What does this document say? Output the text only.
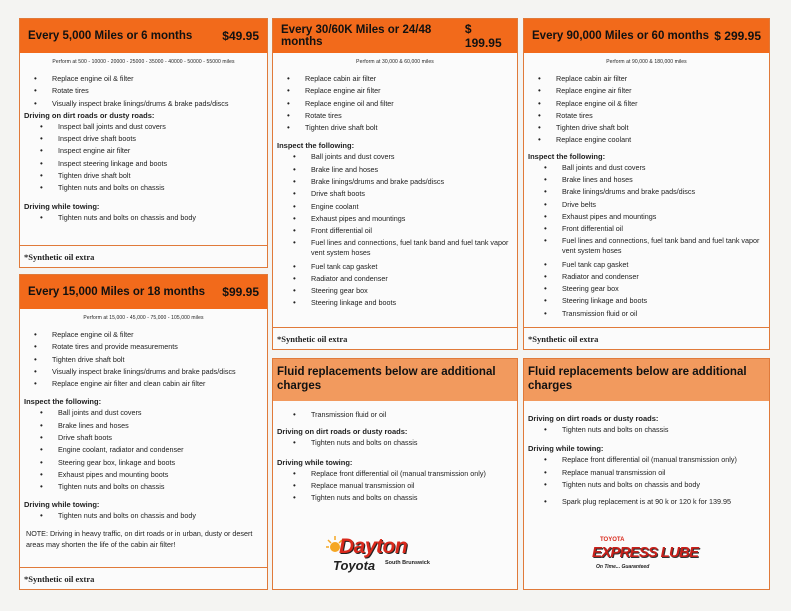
Every 5,000 Miles or 6 months	$49.95
Perform at 500 - 10000 - 20000 - 25000 - 35000 - 40000 - 50000 - 55000 miles
• Replace engine oil & filter
• Rotate tires
• Visually inspect brake linings/drums & brake pads/discs
Driving on dirt roads or dusty roads:
• Inspect ball joints and dust covers
• Inspect drive shaft boots
• Inspect engine air filter
• Inspect steering linkage and boots
• Tighten drive shaft bolt
• Tighten nuts and bolts on chassis
Driving while towing:
• Tighten nuts and bolts on chassis and body
*Synthetic oil extra
Every 15,000 Miles or 18 months $99.95
Perform at 15,000 - 45,000 - 75,000 - 105,000 miles
• Replace engine oil & filter
• Rotate tires and provide measurements
• Tighten drive shaft bolt
• Visually inspect brake linings/drums and brake pads/discs
• Replace engine air filter and clean cabin air filter
Inspect the following:
• Ball joints and dust covers
• Brake lines and hoses
• Drive shaft boots
• Engine coolant, radiator and condenser
• Steering gear box, linkage and boots
• Exhaust pipes and mounting boots
• Tighten nuts and bolts on chassis
Driving while towing:
• Tighten nuts and bolts on chassis and body
NOTE: Driving in heavy traffic, on dirt roads or in urban, dusty or desert areas may shorten the life of the cabin air filter!
*Synthetic oil extra
Every 30/60K Miles or 24/48 months
$ 199.95
Perform at 30,000 & 60,000 miles
• Replace cabin air filter
• Replace engine air filter
• Replace engine oil and filter
• Rotate tires
• Tighten drive shaft bolt
Inspect the following:
• Ball joints and dust covers
• Brake line and hoses
• Brake linings/drums and brake pads/discs
• Drive shaft boots
• Engine coolant
• Exhaust pipes and mountings
• Front differential oil
• Fuel lines and connections, fuel tank band and fuel tank vapor vent system hoses
• Fuel tank cap gasket
• Radiator and condenser
• Steering gear box
• Steering linkage and boots
*Synthetic oil extra
Every 90,000 Miles or 60 months $ 299.95
Perform at 90,000 & 180,000 miles
• Replace cabin air filter
• Replace engine air filter
• Replace engine oil & filter
• Rotate tires
• Tighten drive shaft bolt
• Replace engine coolant
Inspect the following:
• Ball joints and dust covers
• Brake lines and hoses
• Brake linings/drums and brake pads/discs
• Drive belts
• Exhaust pipes and mountings
• Front differential oil
• Fuel lines and connections, fuel tank band and fuel tank vapor vent system hoses
• Fuel tank cap gasket
• Radiator and condenser
• Steering gear box
• Steering linkage and boots
• Transmission fluid or oil
*Synthetic oil extra
Fluid replacements below are additional charges
• Transmission fluid or oil
Driving on dirt roads or dusty roads:
• Tighten nuts and bolts on chassis
Driving while towing:
• Replace front differential oil (manual transmission only)
• Replace manual transmission oil
• Tighten nuts and bolts on chassis
Dayton
Toyota South Brunswick
Fluid replacements below are additional charges
Driving on dirt roads or dusty roads:
• Tighten nuts and bolts on chassis
Driving while towing:
• Replace front differential oil (manual transmission only)
• Replace manual transmission oil
• Tighten nuts and bolts on chassis and body
• Spark plug replacement is at 90 k or 120 k for 139.95
TOYOTA
EXPRESS LUBE
On Time... Guaranteed
